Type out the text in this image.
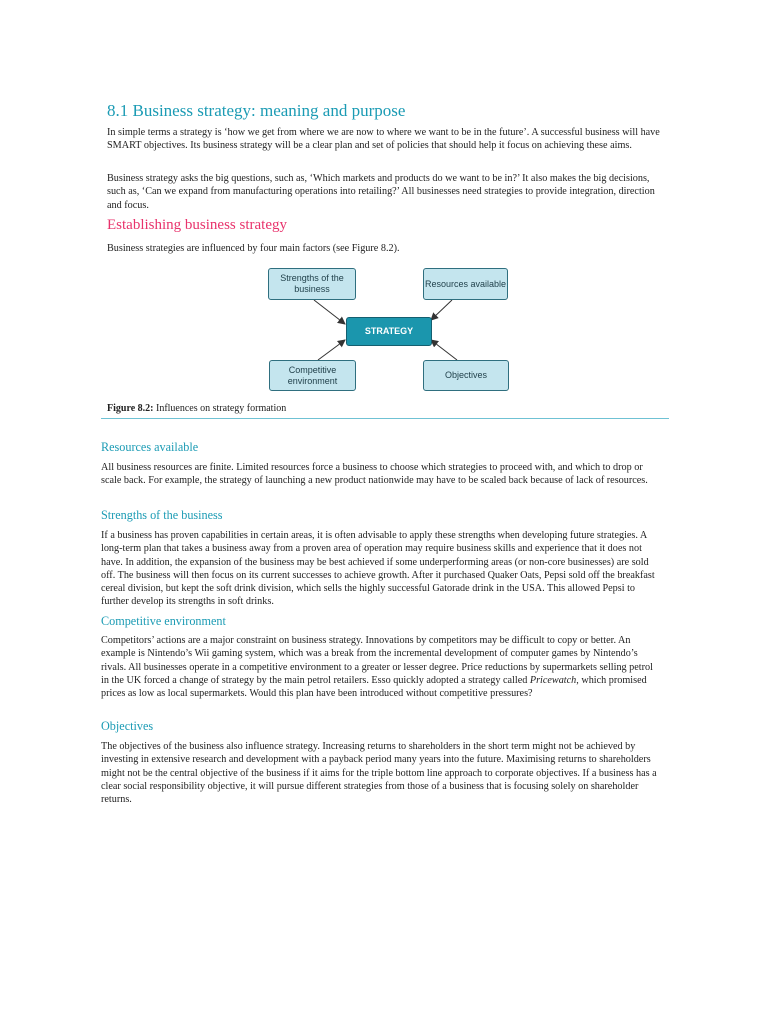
8.1 Business strategy: meaning and purpose

In simple terms a strategy is ‘how we get from where we are now to where we want to be in the future’. A successful business will have SMART objectives. Its business strategy will be a clear plan and set of policies that should help it focus on achieving these aims.

Business strategy asks the big questions, such as, ‘Which markets and products do we want to be in?’ It also makes the big decisions, such as, ‘Can we expand from manufacturing operations into retailing?’ All businesses need strategies to provide integration, direction and focus.

Establishing business strategy

Business strategies are influenced by four main factors (see Figure 8.2).

Strengths of the business
Resources available
STRATEGY
Competitive environment
Objectives
Figure 8.2: Influences on strategy formation
Resources available

All business resources are finite. Limited resources force a business to choose which strategies to proceed with, and which to drop or scale back. For example, the strategy of launching a new product nationwide may have to be scaled back because of lack of resources.

Strengths of the business

If a business has proven capabilities in certain areas, it is often advisable to apply these strengths when developing future strategies. A long-term plan that takes a business away from a proven area of operation may require business skills and experience that it does not have. In addition, the expansion of the business may be best achieved if some underperforming areas (or non-core businesses) are sold off. The business will then focus on its current successes to achieve growth. After it purchased Quaker Oats, Pepsi sold off the breakfast cereal division, but kept the soft drink division, which sells the highly successful Gatorade drink in the USA. This allowed Pepsi to further develop its strengths in soft drinks.

Competitive environment

Competitors’ actions are a major constraint on business strategy. Innovations by competitors may be difficult to copy or better. An example is Nintendo’s Wii gaming system, which was a break from the incremental development of computer games by Nintendo’s rivals. All businesses operate in a competitive environment to a greater or lesser degree. Price reductions by supermarkets selling petrol in the UK forced a change of strategy by the main petrol retailers. Esso quickly adopted a strategy called Pricewatch, which promised prices as low as local supermarkets. Would this plan have been introduced without competitive pressures?

Objectives

The objectives of the business also influence strategy. Increasing returns to shareholders in the short term might not be achieved by investing in extensive research and development with a payback period many years into the future. Maximising returns to shareholders might not be the central objective of the business if it aims for the triple bottom line approach to corporate objectives. If a business has a clear social responsibility objective, it will pursue different strategies from those of a business that is focusing solely on shareholder returns.
